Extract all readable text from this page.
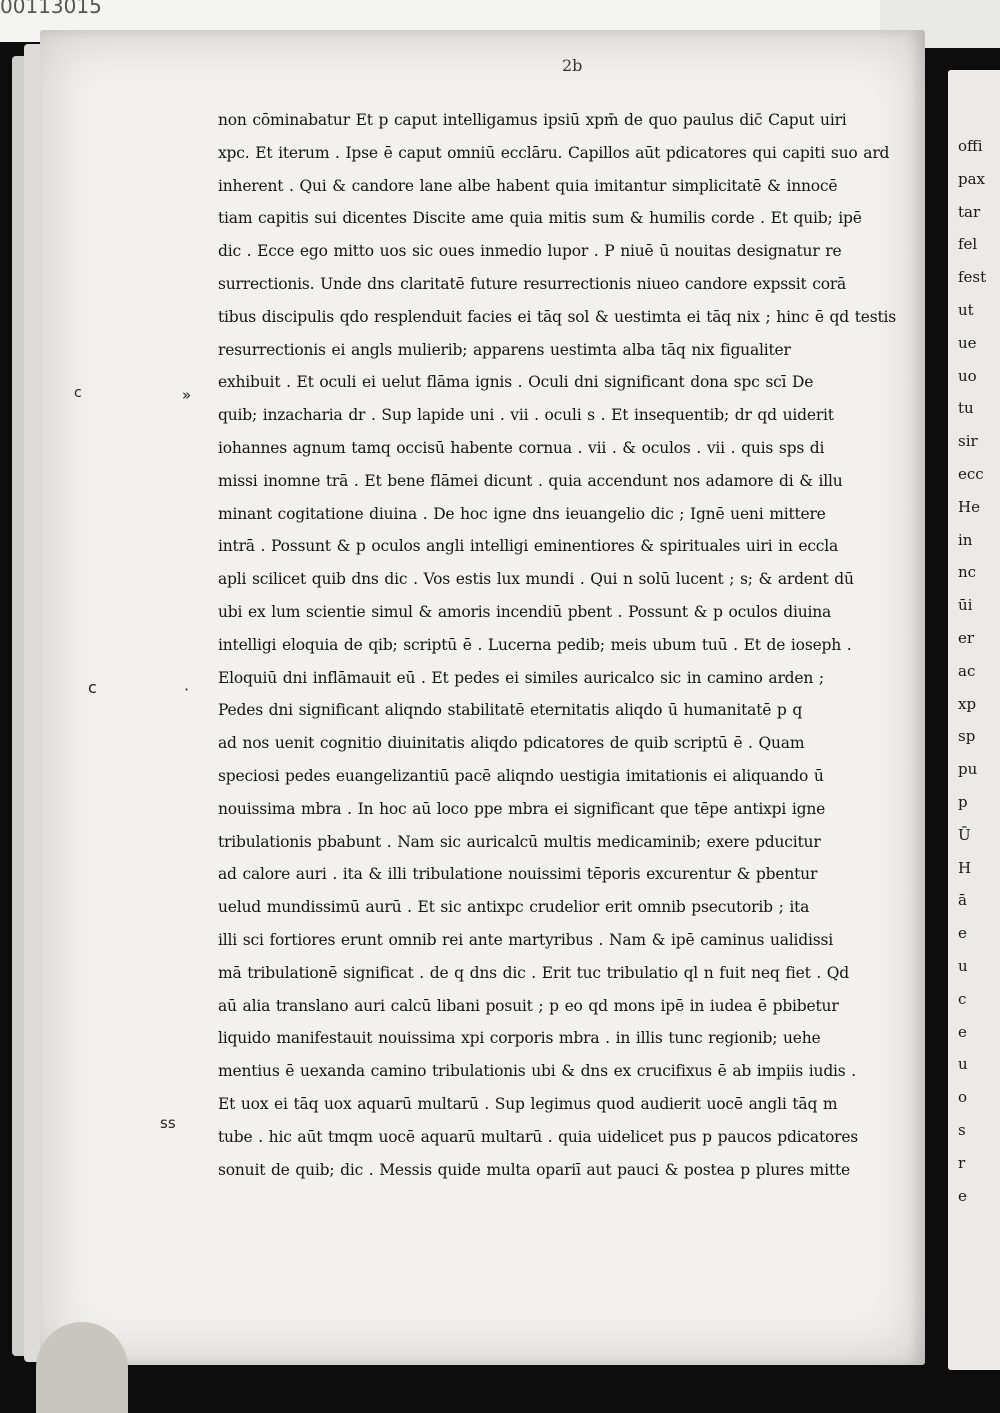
00113015
2b
c	»
c	·
ss
non cōminabatur Et p caput intelligamus ipsiū xpm̄ de quo paulus dic̄ Caput uiri
xpc. Et iterum . Ipse ē caput omniū ecclāru. Capillos aūt pdicatores qui capiti suo ard
inherent . Qui & candore lane albe habent quia imitantur simplicitatē & innocē
tiam capitis sui dicentes Discite ame quia mitis sum & humilis corde . Et quib; ipē
dic . Ecce ego mitto uos sic oues inmedio lupor . P niuē ū nouitas designatur re
surrectionis. Unde dns claritatē future resurrectionis niueo candore expssit corā
tibus discipulis qdo resplenduit facies ei tāq sol & uestimta ei tāq nix ; hinc ē qd testis
resurrectionis ei angls mulierib; apparens uestimta alba tāq nix figualiter
exhibuit . Et oculi ei uelut flāma ignis . Oculi dni significant dona spc scī De
quib; inzacharia dr . Sup lapide uni . vii . oculi s . Et insequentib; dr qd uiderit
iohannes agnum tamq occisū habente cornua . vii . & oculos . vii . quis sps di
missi inomne trā . Et bene flāmei dicunt . quia accendunt nos adamore di & illu
minant cogitatione diuina . De hoc igne dns ieuangelio dic ; Ignē ueni mittere
intrā . Possunt & p oculos angli intelligi eminentiores & spirituales uiri in eccla
apli scilicet quib dns dic . Vos estis lux mundi . Qui n solū lucent ; s; & ardent dū
ubi ex lum scientie simul & amoris incendiū pbent . Possunt & p oculos diuina
intelligi eloquia de qib; scriptū ē . Lucerna pedib; meis ubum tuū . Et de ioseph .
Eloquiū dni inflāmauit eū . Et pedes ei similes auricalco sic in camino arden ;
Pedes dni significant aliqndo stabilitatē eternitatis aliqdo ū humanitatē p q
ad nos uenit cognitio diuinitatis aliqdo pdicatores de quib scriptū ē . Quam
speciosi pedes euangelizantiū pacē aliqndo uestigia imitationis ei aliquando ū
nouissima mbra . In hoc aū loco ppe mbra ei significant que tēpe antixpi igne
tribulationis pbabunt . Nam sic auricalcū multis medicaminib; exere pducitur
ad calore auri . ita & illi tribulatione nouissimi tēporis excurentur & pbentur
uelud mundissimū aurū . Et sic antixpc crudelior erit omnib psecutorib ; ita
illi sci fortiores erunt omnib rei ante martyribus . Nam & ipē caminus ualidissi
mā tribulationē significat . de q dns dic . Erit tuc tribulatio ql n fuit neq fiet . Qd
aū alia translano auri calcū libani posuit ; p eo qd mons ipē in iudea ē pbibetur
liquido manifestauit nouissima xpi corporis mbra . in illis tunc regionib; uehe
mentius ē uexanda camino tribulationis ubi & dns ex crucifixus ē ab impiis iudis .
Et uox ei tāq uox aquarū multarū . Sup legimus quod audierit uocē angli tāq m
tube . hic aūt tmqm uocē aquarū multarū . quia uidelicet pus p paucos pdicatores
sonuit de quib; dic . Messis quide multa opariī aut pauci & postea p plures mitte
offi
pax
tar
fel
fest
ut
ue
uo
tu
sir
ecc
He
in
nc
ūi
er
ac
xp
sp
pu
p
Ū
H
ā
e
u
c
e
u
o
s
r
e
